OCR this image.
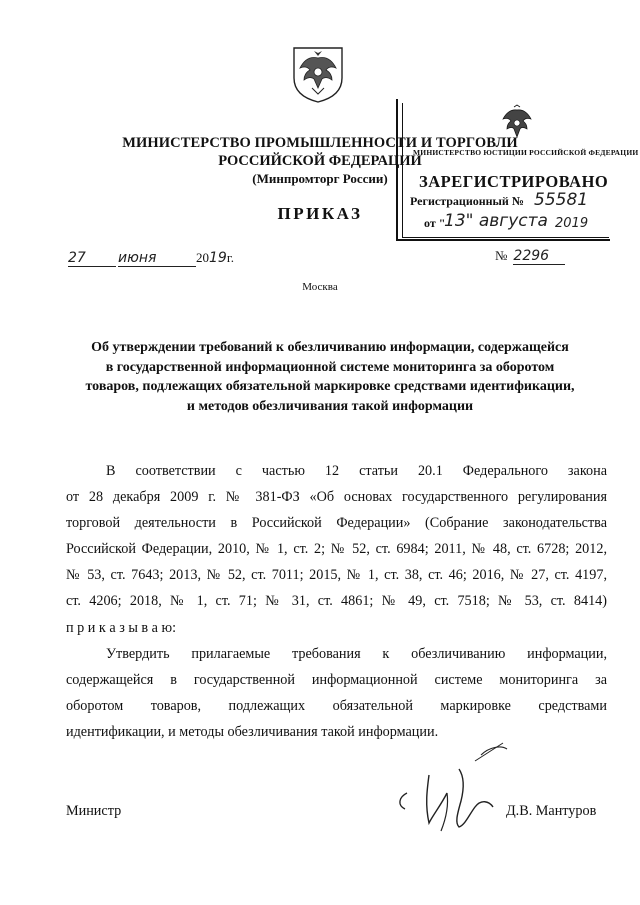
МИНИСТЕРСТВО ПРОМЫШЛЕННОСТИ И ТОРГОВЛИ
РОССИЙСКОЙ ФЕДЕРАЦИИ
(Минпромторг России)
ПРИКАЗ
МИНИСТЕРСТВО ЮСТИЦИИ РОССИЙСКОЙ ФЕДЕРАЦИИ
ЗАРЕГИСТРИРОВАНО
Регистрационный № 55581
от "
13" августа 2019
27	июня	20 19 г.	№ 2296
Москва
Об утверждении требований к обезличиванию информации, содержащейся
в государственной информационной системе мониторинга за оборотом
товаров, подлежащих обязательной маркировке средствами идентификации,
и методов обезличивания такой информации
В соответствии с частью 12 статьи 20.1 Федерального закона
от 28 декабря 2009 г. № 381-ФЗ «Об основах государственного регулирования
торговой деятельности в Российской Федерации» (Собрание законодательства
Российской Федерации, 2010, № 1, ст. 2; № 52, ст. 6984; 2011, № 48, ст. 6728; 2012,
№ 53, ст. 7643; 2013, № 52, ст. 7011; 2015, № 1, ст. 38, ст. 46; 2016, № 27, ст. 4197,
ст. 4206; 2018, № 1, ст. 71; № 31, ст. 4861; № 49, ст. 7518; № 53, ст. 8414)
п р и к а з ы в а ю:
Утвердить прилагаемые требования к обезличиванию информации,
содержащейся в государственной информационной системе мониторинга за
оборотом товаров, подлежащих обязательной маркировке средствами
идентификации, и методы обезличивания такой информации.
Министр	Д.В. Мантуров
